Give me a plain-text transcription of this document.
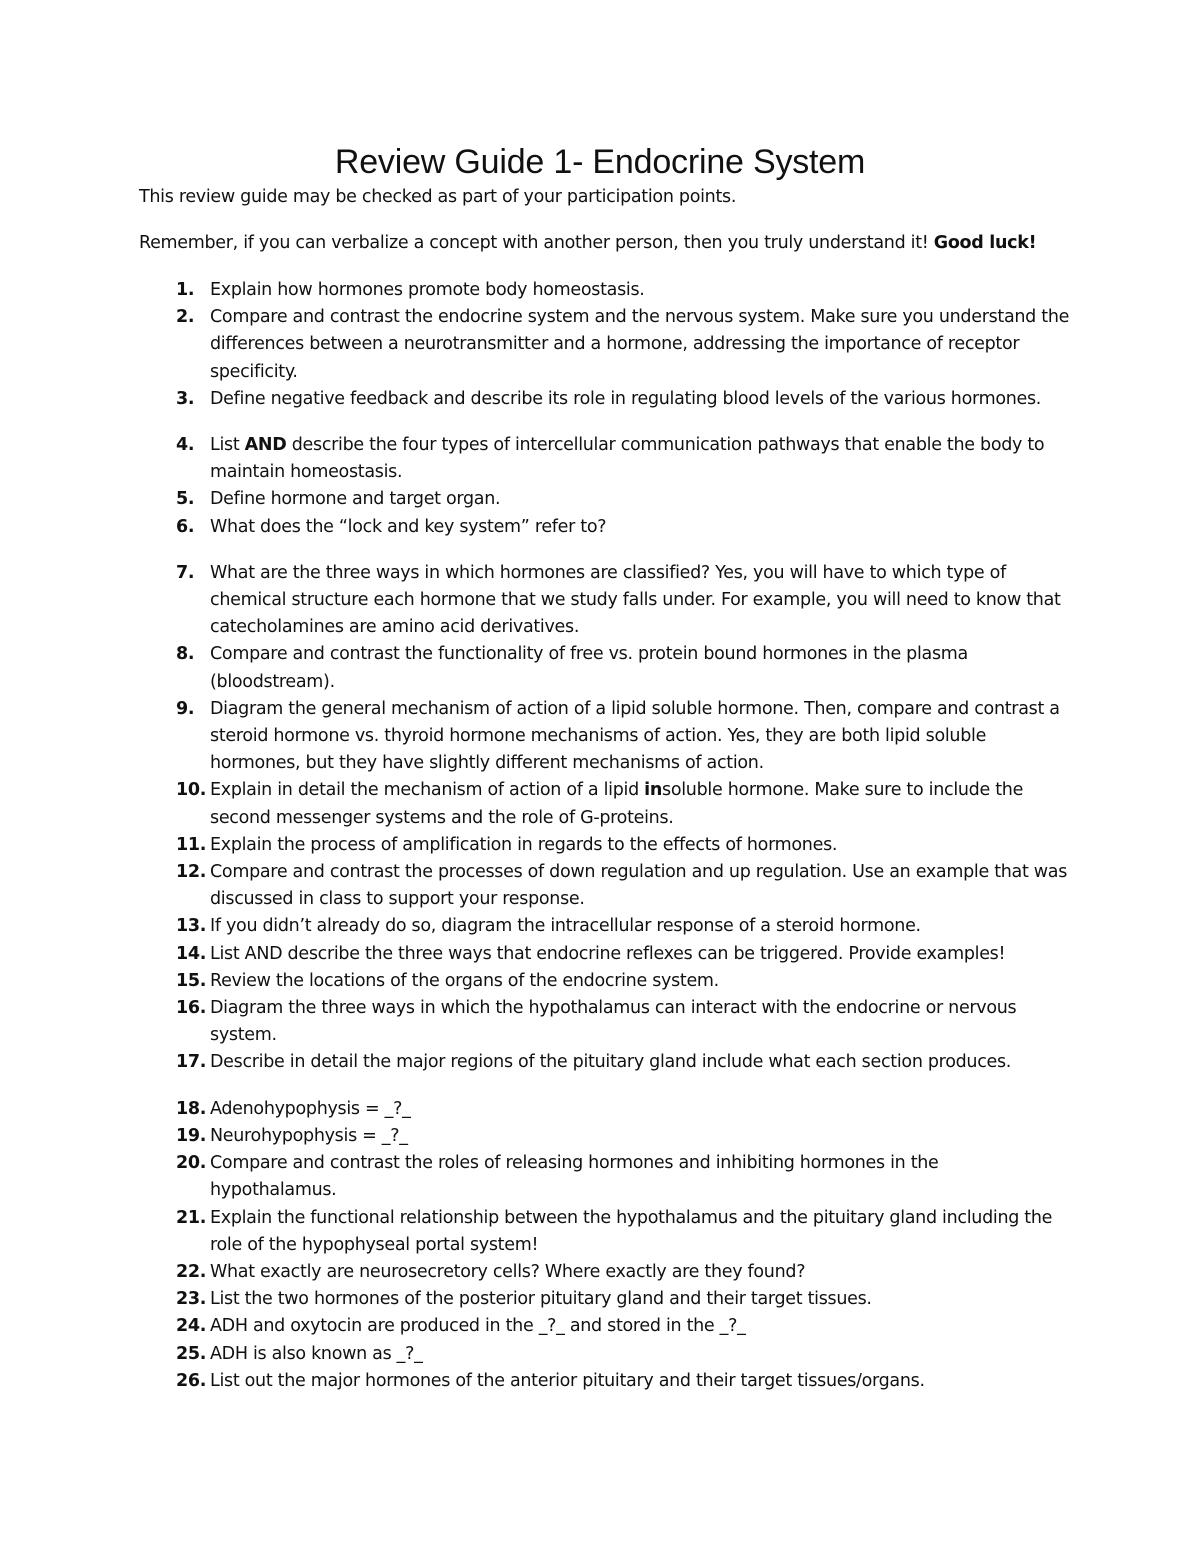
Review Guide 1- Endocrine System

This review guide may be checked as part of your participation points.

Remember, if you can verbalize a concept with another person, then you truly understand it! Good luck!

1. Explain how hormones promote body homeostasis.
2. Compare and contrast the endocrine system and the nervous system. Make sure you understand the differences between a neurotransmitter and a hormone, addressing the importance of receptor specificity.
3. Define negative feedback and describe its role in regulating blood levels of the various hormones.
4. List AND describe the four types of intercellular communication pathways that enable the body to maintain homeostasis.
5. Define hormone and target organ.
6. What does the “lock and key system” refer to?
7. What are the three ways in which hormones are classified? Yes, you will have to which type of chemical structure each hormone that we study falls under. For example, you will need to know that catecholamines are amino acid derivatives.
8. Compare and contrast the functionality of free vs. protein bound hormones in the plasma (bloodstream).
9. Diagram the general mechanism of action of a lipid soluble hormone. Then, compare and contrast a steroid hormone vs. thyroid hormone mechanisms of action. Yes, they are both lipid soluble hormones, but they have slightly different mechanisms of action.
10. Explain in detail the mechanism of action of a lipid insoluble hormone. Make sure to include the second messenger systems and the role of G-proteins.
11. Explain the process of amplification in regards to the effects of hormones.
12. Compare and contrast the processes of down regulation and up regulation. Use an example that was discussed in class to support your response.
13. If you didn’t already do so, diagram the intracellular response of a steroid hormone.
14. List AND describe the three ways that endocrine reflexes can be triggered. Provide examples!
15. Review the locations of the organs of the endocrine system.
16. Diagram the three ways in which the hypothalamus can interact with the endocrine or nervous system.
17. Describe in detail the major regions of the pituitary gland include what each section produces.
18. Adenohypophysis = _?_
19. Neurohypophysis = _?_
20. Compare and contrast the roles of releasing hormones and inhibiting hormones in the hypothalamus.
21. Explain the functional relationship between the hypothalamus and the pituitary gland including the role of the hypophyseal portal system!
22. What exactly are neurosecretory cells? Where exactly are they found?
23. List the two hormones of the posterior pituitary gland and their target tissues.
24. ADH and oxytocin are produced in the _?_ and stored in the _?_
25. ADH is also known as _?_
26. List out the major hormones of the anterior pituitary and their target tissues/organs.
